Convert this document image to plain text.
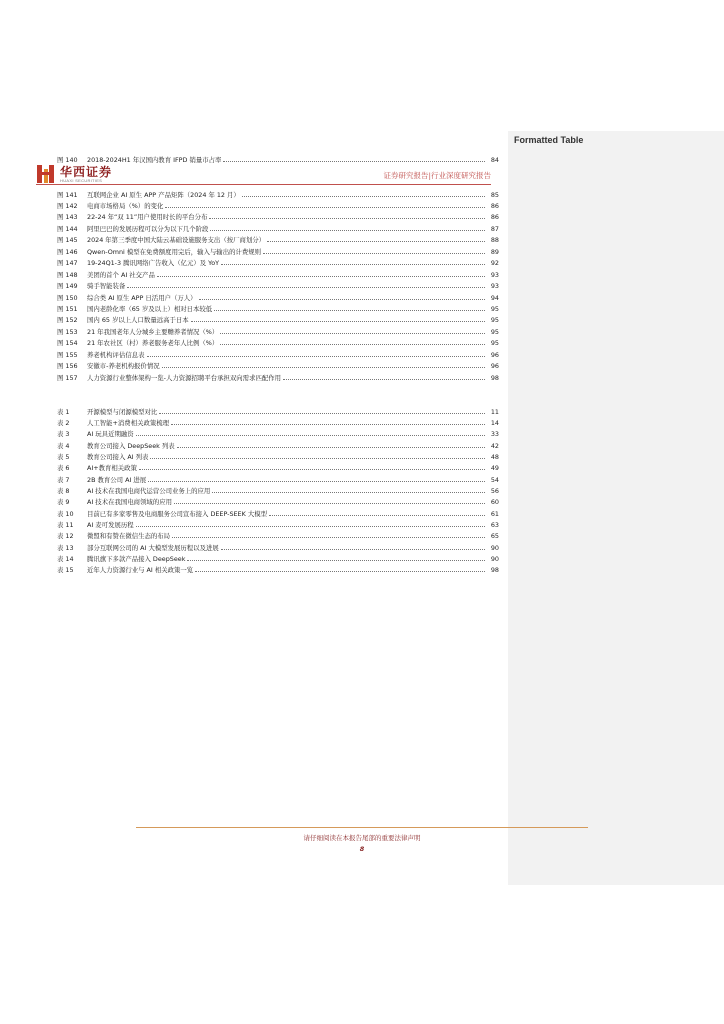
Formatted Table
图 140	2018-2024H1 年汉国内教育 IFPD 销量市占率	84
图 141	互联网企业 AI 原生 APP 产品矩阵（2024 年 12 月）	85
图 142	电商市场格局（%）的变化	86
图 143	22-24 年“双 11”用户使用时长的平台分布	86
图 144	阿里巴巴的发展历程可以分为以下几个阶段	87
图 145	2024 年第三季度中国大陆云基础设施服务支出（按厂商划分）	88
图 146	Qwen-Omni 模型在免费额度用完后，输入与输出的计费规则	89
图 147	19-24Q1-3 腾讯网络广告收入（亿元）及 YoY	92
图 148	美团的首个 AI 社交产品	93
图 149	骑手智能装备	93
图 150	综合类 AI 原生 APP 日活用户（万人）	94
图 151	国内老龄化率（65 岁及以上）相对日本较低	95
图 152	国内 65 岁以上人口数量远高于日本	95
图 153	21 年我国老年人分城乡主要赡养者情况（%）	95
图 154	21 年农社区（村）养老服务老年人比例（%）	95
图 155	养老机构评估信息表	96
图 156	安徽市-养老机构报价情况	96
图 157	人力资源行业整体架构一览-人力资源招聘平台承担双向需求匹配作用	98
华西证券
HUAXI SECURITIES
证券研究报告|行业深度研究报告
表 1	开源模型与闭源模型对比	11
表 2	人工智能+消费相关政策梳理	14
表 3	AI 玩具近期融资	33
表 4	教育公司接入 DeepSeek 列表	42
表 5	教育公司接入 AI 列表	48
表 6	AI+教育相关政策	49
表 7	2B 教育公司 AI 进展	54
表 8	AI 技术在我国电商代运营公司业务上的应用	56
表 9	AI 技术在我国电商领域的应用	60
表 10	目前已有多家零售及电商服务公司宣布接入 DEEP-SEEK 大模型	61
表 11	AI 麦可发展历程	63
表 12	微盟和有赞在微信生态的布局	65
表 13	部分互联网公司的 AI 大模型发展历程以及进展	90
表 14	腾讯旗下多款产品接入 DeepSeek	90
表 15	近年人力资源行业与 AI 相关政策一览	98
请仔细阅读在本报告尾部的重要法律声明
8
